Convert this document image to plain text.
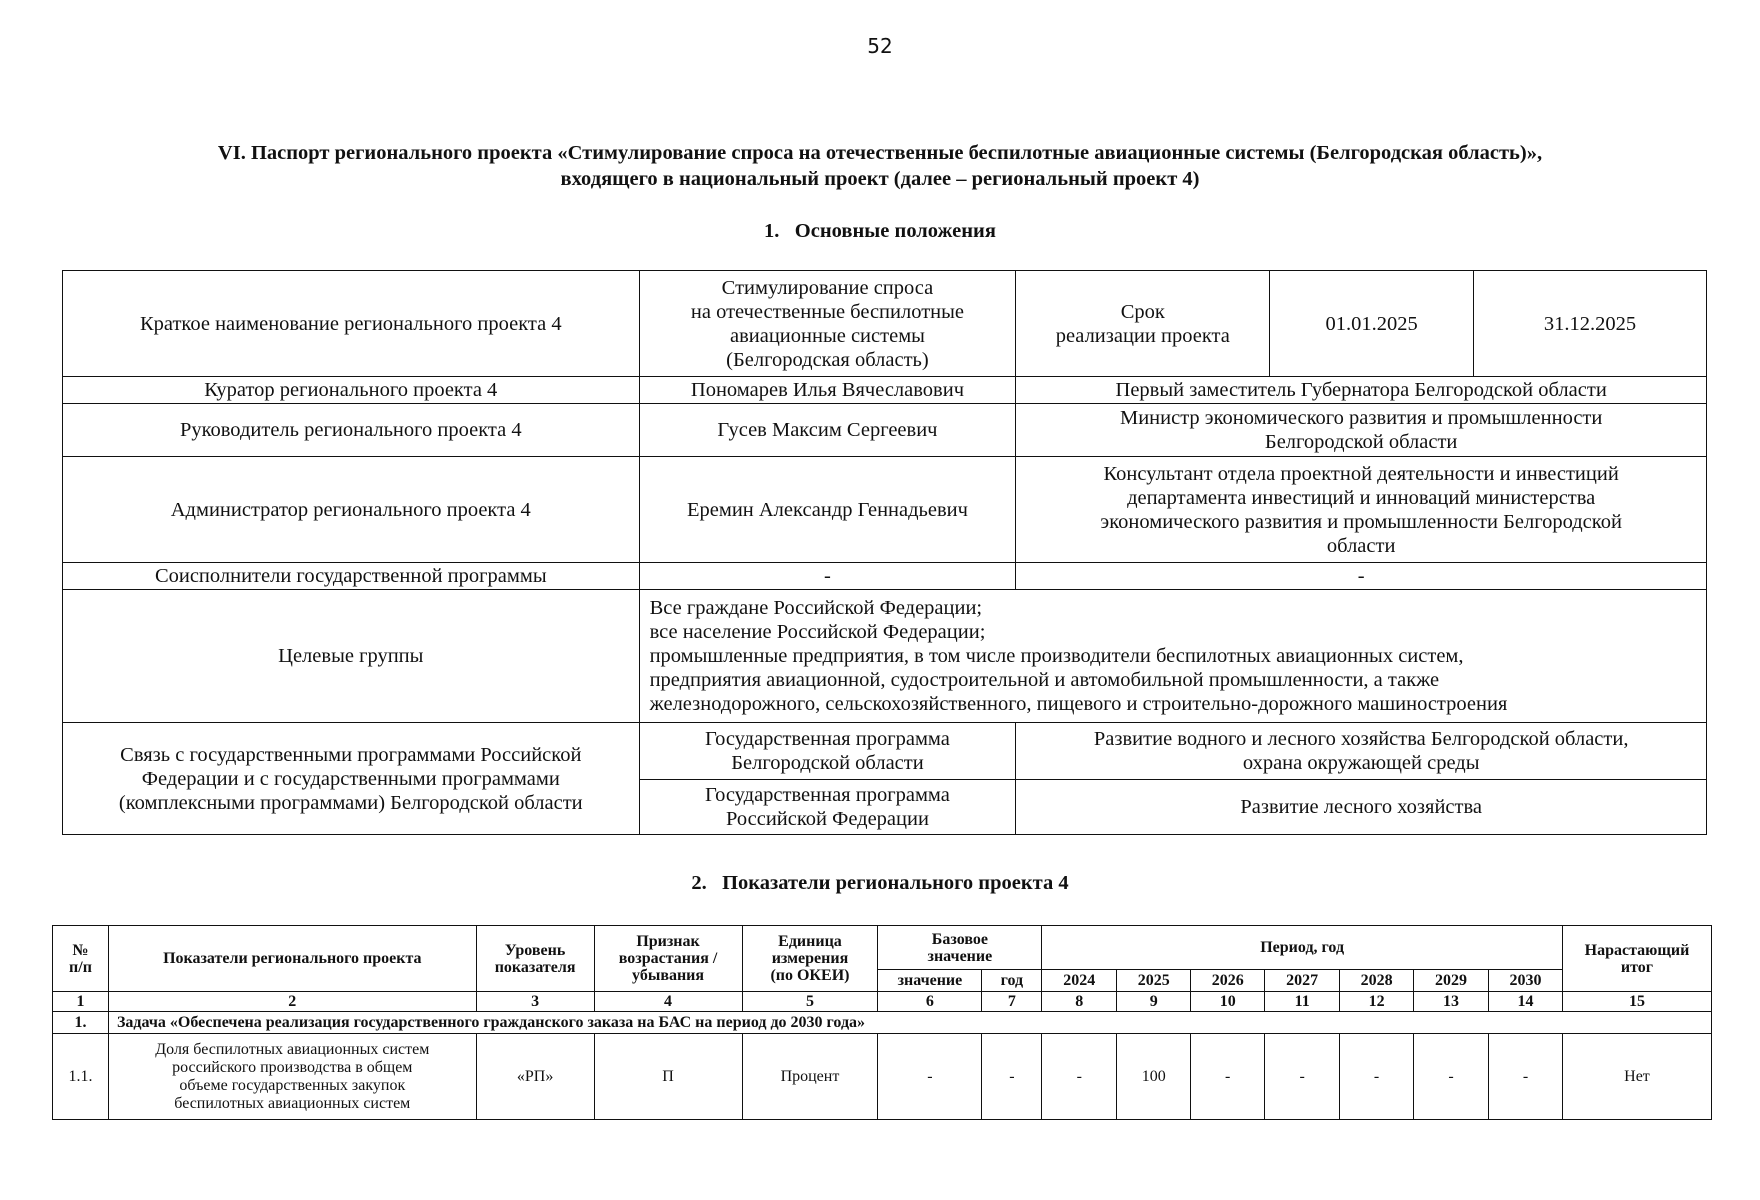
52
VI. Паспорт регионального проекта «Стимулирование спроса на отечественные беспилотные авиационные системы (Белгородская область)»,
входящего в национальный проект (далее – региональный проект 4)
1.   Основные положения
Краткое наименование регионального проекта 4	Стимулирование спроса
на отечественные беспилотные
авиационные системы
(Белгородская область)	Срок
реализации проекта	01.01.2025	31.12.2025
Куратор регионального проекта 4	Пономарев Илья Вячеславович	Первый заместитель Губернатора Белгородской области		
Руководитель регионального проекта 4	Гусев Максим Сергеевич	Министр экономического развития и промышленности
Белгородской области		
Администратор регионального проекта 4	Еремин Александр Геннадьевич	Консультант отдела проектной деятельности и инвестиций
департамента инвестиций и инноваций министерства
экономического развития и промышленности Белгородской
области		
Соисполнители государственной программы	-	-		
Целевые группы	Все граждане Российской Федерации;
все население Российской Федерации;
промышленные предприятия, в том числе производители беспилотных авиационных систем,
предприятия авиационной, судостроительной и автомобильной промышленности, а также
железнодорожного, сельскохозяйственного, пищевого и строительно-дорожного машиностроения			
Связь с государственными программами Российской
Федерации и с государственными программами
(комплексными программами) Белгородской области	Государственная программа
Белгородской области	Развитие водного и лесного хозяйства Белгородской области,
охрана окружающей среды		
	Государственная программа
Российской Федерации	Развитие лесного хозяйства		
2.   Показатели регионального проекта 4
№
п/п	Показатели регионального проекта	Уровень
показателя	Признак
возрастания /
убывания	Единица
измерения
(по ОКЕИ)	Базовое
значение		Период, год							Нарастающий
итог
					значение	год	2024	2025	2026	2027	2028	2029	2030	
1	2	3	4	5	6	7	8	9	10	11	12	13	14	15
1.	Задача «Обеспечена реализация государственного гражданского заказа на БАС на период до 2030 года»													
1.1.	Доля беспилотных авиационных систем
российского производства в общем
объеме государственных закупок
беспилотных авиационных систем	«РП»	П	Процент	-	-	-	100	-	-	-	-	-	Нет
